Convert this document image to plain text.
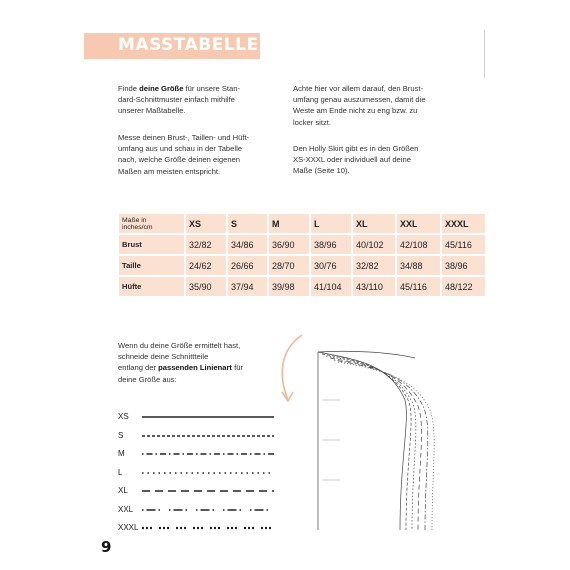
MASSTABELLE
Finde deine Größe für unsere Stan-
dard-Schnittmuster einfach mithilfe
unserer Maßtabelle.
Messe deinen Brust-, Taillen- und Hüft-
umfang aus und schau in der Tabelle
nach, welche Größe deinen eigenen
Maßen am meisten entspricht.
Achte hier vor allem darauf, den Brust-
umfang genau auszumessen, damit die
Weste am Ende nicht zu eng bzw. zu
locker sitzt.
Den Holly Skirt gibt es in den Größen
XS-XXXL oder individuell auf deine
Maße (Seite 10).
Maße in
inches/cm	XS	S	M	L	XL	XXL	XXXL
Brust	32/82	34/86	36/90	38/96	40/102	42/108	45/116
Taille	24/62	26/66	28/70	30/76	32/82	34/88	38/96
Hüfte	35/90	37/94	39/98	41/104	43/110	45/116	48/122
Wenn du deine Größe ermittelt hast,
schneide deine Schnittteile
entlang der passenden Linienart für
deine Größe aus:
XS
S
M
L
XL
XXL
XXXL
9
